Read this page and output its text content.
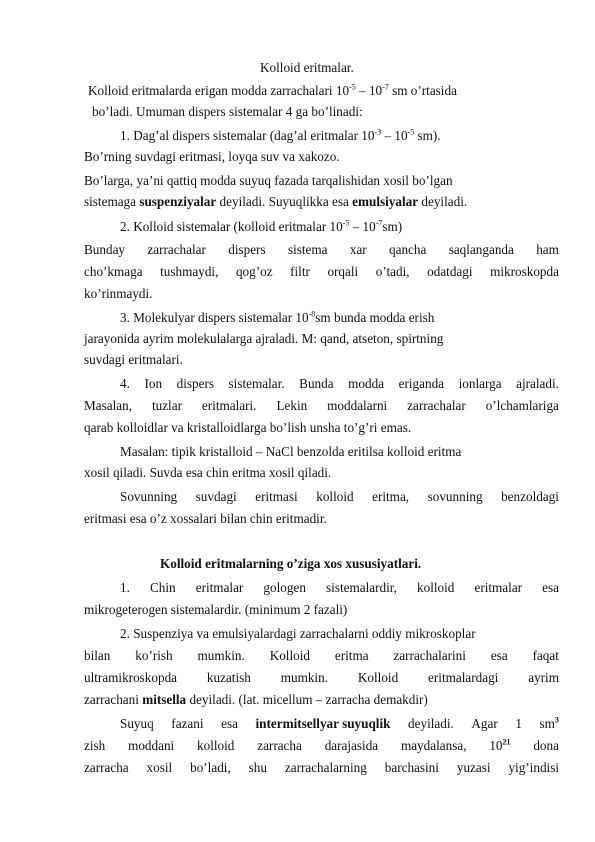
Kolloid eritmalar.
Kolloid eritmalarda erigan modda zarrachalari $10^{-5} - 10^{-7}$ sm o’rtasida
bo’ladi. Umuman dispers sistemalar 4 ga bo’linadi:
1. Dag’al dispers sistemalar (dag’al eritmalar $10^{-3} - 10^{-5}$ sm).
Bo’rning suvdagi eritmasi, loyqa suv va xakozo.
Bo’larga, ya’ni qattiq modda suyuq fazada tarqalishidan xosil bo’lgan
sistemaga suspenziyalar deyiladi. Suyuqlikka esa emulsiyalar deyiladi.
2. Kolloid sistemalar (kolloid eritmalar $10^{-5} - 10^{-7}sm$)
Bunday zarrachalar dispers sistema xar qancha saqlanganda ham
cho’kmaga tushmaydi, qog’oz filtr orqali o’tadi, odatdagi mikroskopda
ko’rinmaydi.
3. Molekulyar dispers sistemalar $10^{-8}sm$ bunda modda erish
jarayonida ayrim molekulalarga ajraladi. M: qand, atseton, spirtning
suvdagi eritmalari.
4. Ion dispers sistemalar. Bunda modda eriganda ionlarga ajraladi.
Masalan, tuzlar eritmalari. Lekin moddalarni zarrachalar o’lchamlariga
qarab kolloidlar va kristalloidlarga bo’lish unsha to’g’ri emas.
Masalan: tipik kristalloid – NaCl benzolda eritilsa kolloid eritma
xosil qiladi. Suvda esa chin eritma xosil qiladi.
Sovunning suvdagi eritmasi kolloid eritma, sovunning benzoldagi
eritmasi esa o’z xossalari bilan chin eritmadir.
Kolloid eritmalarning o’ziga xos xususiyatlari.
1. Chin eritmalar gologen sistemalardir, kolloid eritmalar esa
mikrogeterogen sistemalardir. (minimum 2 fazali)
2. Suspenziya va emulsiyalardagi zarrachalarni oddiy mikroskoplar
bilan ko’rish mumkin. Kolloid eritma zarrachalarini esa faqat
ultramikroskopda kuzatish mumkin. Kolloid eritmalardagi ayrim
zarrachani mitsella deyiladi. (lat. micellum – zarracha demakdir)
Suyuq fazani esa intermitsellyar suyuqlik deyiladi. Agar 1 $sm^3$
zish moddani kolloid zarracha darajasida maydalansa, $10^{21}$ dona
zarracha xosil bo’ladi, shu zarrachalarning barchasini yuzasi yig’indisi
